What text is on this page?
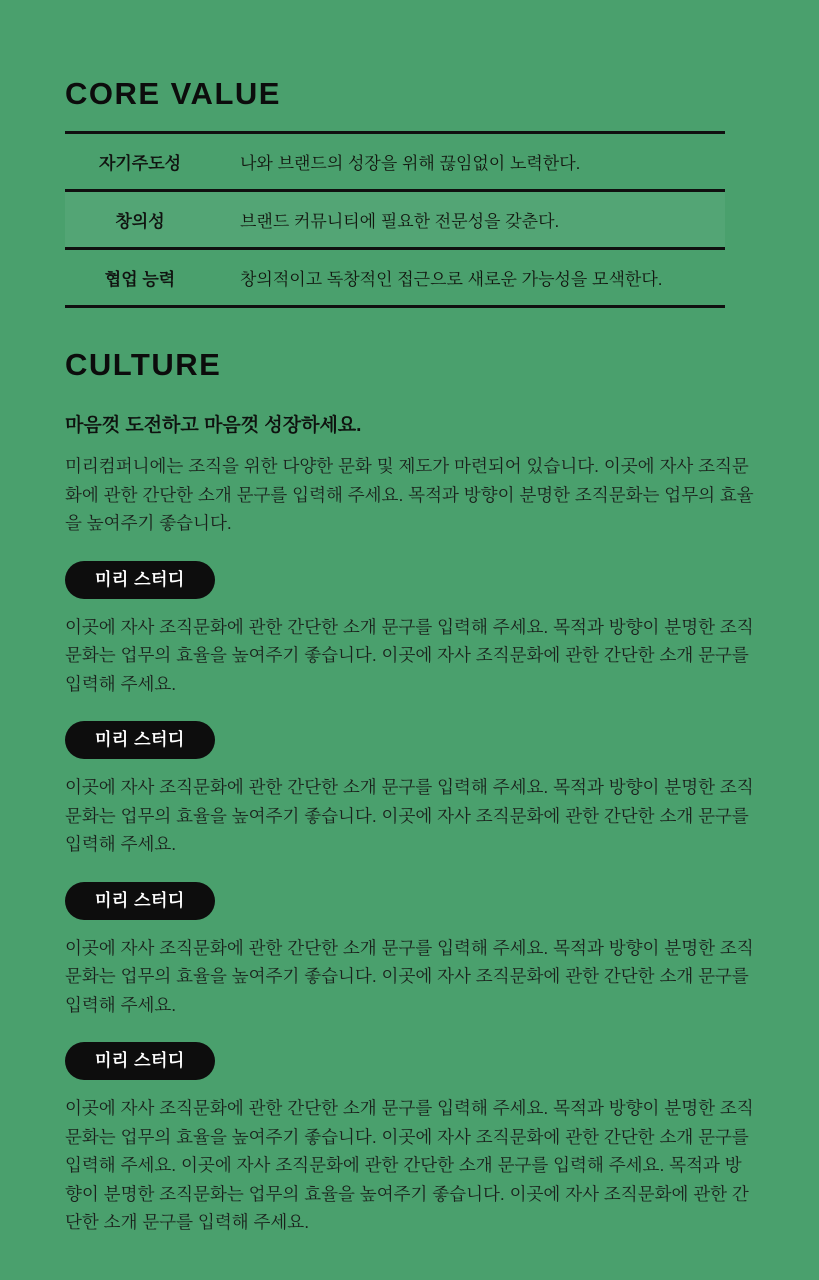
CORE VALUE
자기주도성	나와 브랜드의 성장을 위해 끊임없이 노력한다.
창의성	브랜드 커뮤니티에 필요한 전문성을 갖춘다.
협업 능력	창의적이고 독창적인 접근으로 새로운 가능성을 모색한다.
CULTURE
마음껏 도전하고 마음껏 성장하세요.
미리컴퍼니에는 조직을 위한 다양한 문화 및 제도가 마련되어 있습니다. 이곳에 자사 조직문화에 관한 간단한 소개 문구를 입력해 주세요. 목적과 방향이 분명한 조직문화는 업무의 효율을 높여주기 좋습니다.
미리 스터디
이곳에 자사 조직문화에 관한 간단한 소개 문구를 입력해 주세요. 목적과 방향이 분명한 조직문화는 업무의 효율을 높여주기 좋습니다. 이곳에 자사 조직문화에 관한 간단한 소개 문구를 입력해 주세요.
미리 스터디
이곳에 자사 조직문화에 관한 간단한 소개 문구를 입력해 주세요. 목적과 방향이 분명한 조직문화는 업무의 효율을 높여주기 좋습니다. 이곳에 자사 조직문화에 관한 간단한 소개 문구를 입력해 주세요.
미리 스터디
이곳에 자사 조직문화에 관한 간단한 소개 문구를 입력해 주세요. 목적과 방향이 분명한 조직문화는 업무의 효율을 높여주기 좋습니다. 이곳에 자사 조직문화에 관한 간단한 소개 문구를 입력해 주세요.
미리 스터디
이곳에 자사 조직문화에 관한 간단한 소개 문구를 입력해 주세요. 목적과 방향이 분명한 조직문화는 업무의 효율을 높여주기 좋습니다. 이곳에 자사 조직문화에 관한 간단한 소개 문구를 입력해 주세요. 이곳에 자사 조직문화에 관한 간단한 소개 문구를 입력해 주세요. 목적과 방향이 분명한 조직문화는 업무의 효율을 높여주기 좋습니다. 이곳에 자사 조직문화에 관한 간단한 소개 문구를 입력해 주세요.
